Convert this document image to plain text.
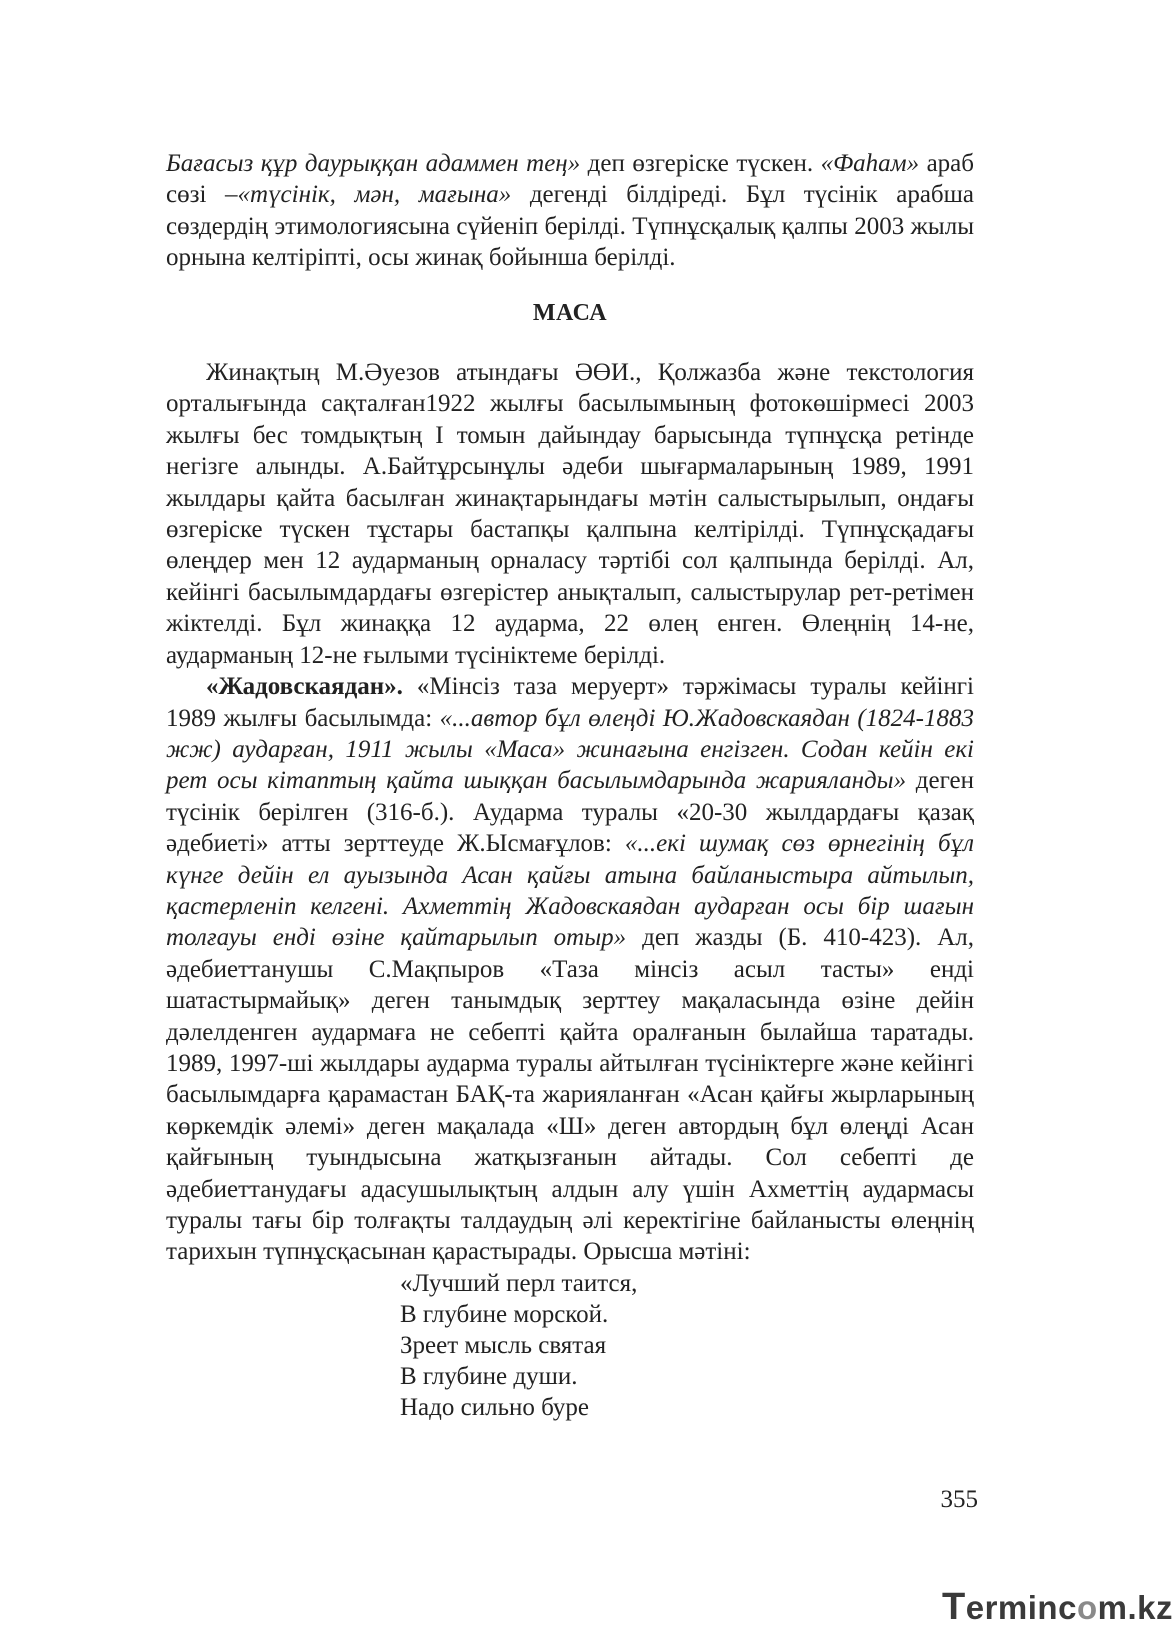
Бағасыз құр даурыққан адаммен тең» деп өзгеріске түскен. «Фаһам» араб сөзі –«түсінік, мән, мағына» дегенді білдіреді. Бұл түсінік арабша сөздердің этимологиясына сүйеніп берілді. Түпнұсқалық қалпы 2003 жылы орнына келтіріпті, осы жинақ бойынша берілді.

МАСА

Жинақтың М.Әуезов атындағы ӘӨИ., Қолжазба және текстология орталығында сақталған1922 жылғы басылымының фотокөшірмесі 2003 жылғы бес томдықтың І томын дайындау барысында түпнұсқа ретінде негізге алынды. А.Байтұрсынұлы әдеби шығармаларының 1989, 1991 жылдары қайта басылған жинақтарындағы мәтін салыстырылып, ондағы өзгеріске түскен тұстары бастапқы қалпына келтірілді. Түпнұсқадағы өлеңдер мен 12 аударманың орналасу тәртібі сол қалпында берілді. Ал, кейінгі басылымдардағы өзгерістер анықталып, салыстырулар рет-ретімен жіктелді. Бұл жинаққа 12 аударма, 22 өлең енген. Өлеңнің 14-не, аударманың 12-не ғылыми түсініктеме берілді.

«Жадовскаядан». «Мінсіз таза меруерт» тәржімасы туралы кейінгі 1989 жылғы басылымда: «...автор бұл өлеңді Ю.Жадовскаядан (1824-1883 жж) аударған, 1911 жылы «Маса» жинағына енгізген. Содан кейін екі рет осы кітаптың қайта шыққан басылымдарында жарияланды» деген түсінік берілген (316-б.). Аударма туралы «20-30 жылдардағы қазақ әдебиеті» атты зерттеуде Ж.Ысмағұлов: «...екі шумақ сөз өрнегінің бұл күнге дейін ел ауызында Асан қайғы атына байланыстыра айтылып, қастерленіп келгені. Ахметтің Жадовскаядан аударған осы бір шағын толғауы енді өзіне қайтарылып отыр» деп жазды (Б. 410-423). Ал, әдебиеттанушы С.Мақпыров «Таза мінсіз асыл тасты» енді шатастырмайық» деген танымдық зерттеу мақаласында өзіне дейін дәлелденген аудармаға не себепті қайта оралғанын былайша таратады. 1989, 1997-ші жылдары аударма туралы айтылған түсініктерге және кейінгі басылымдарға қарамастан БАҚ-та жарияланған «Асан қайғы жырларының көркемдік әлемі» деген мақалада «Ш» деген автордың бұл өлеңді Асан қайғының туындысына жатқызғанын айтады. Сол себепті де әдебиеттанудағы адасушылықтың алдын алу үшін Ахметтің аудармасы туралы тағы бір толғақты талдаудың әлі керектігіне байланысты өлеңнің тарихын түпнұсқасынан қарастырады. Орысша мәтіні:

«Лучший перл таится,
В глубине морской.
Зреет мысль святая
В глубине души.
Надо сильно буре
355
Termincom.kz
